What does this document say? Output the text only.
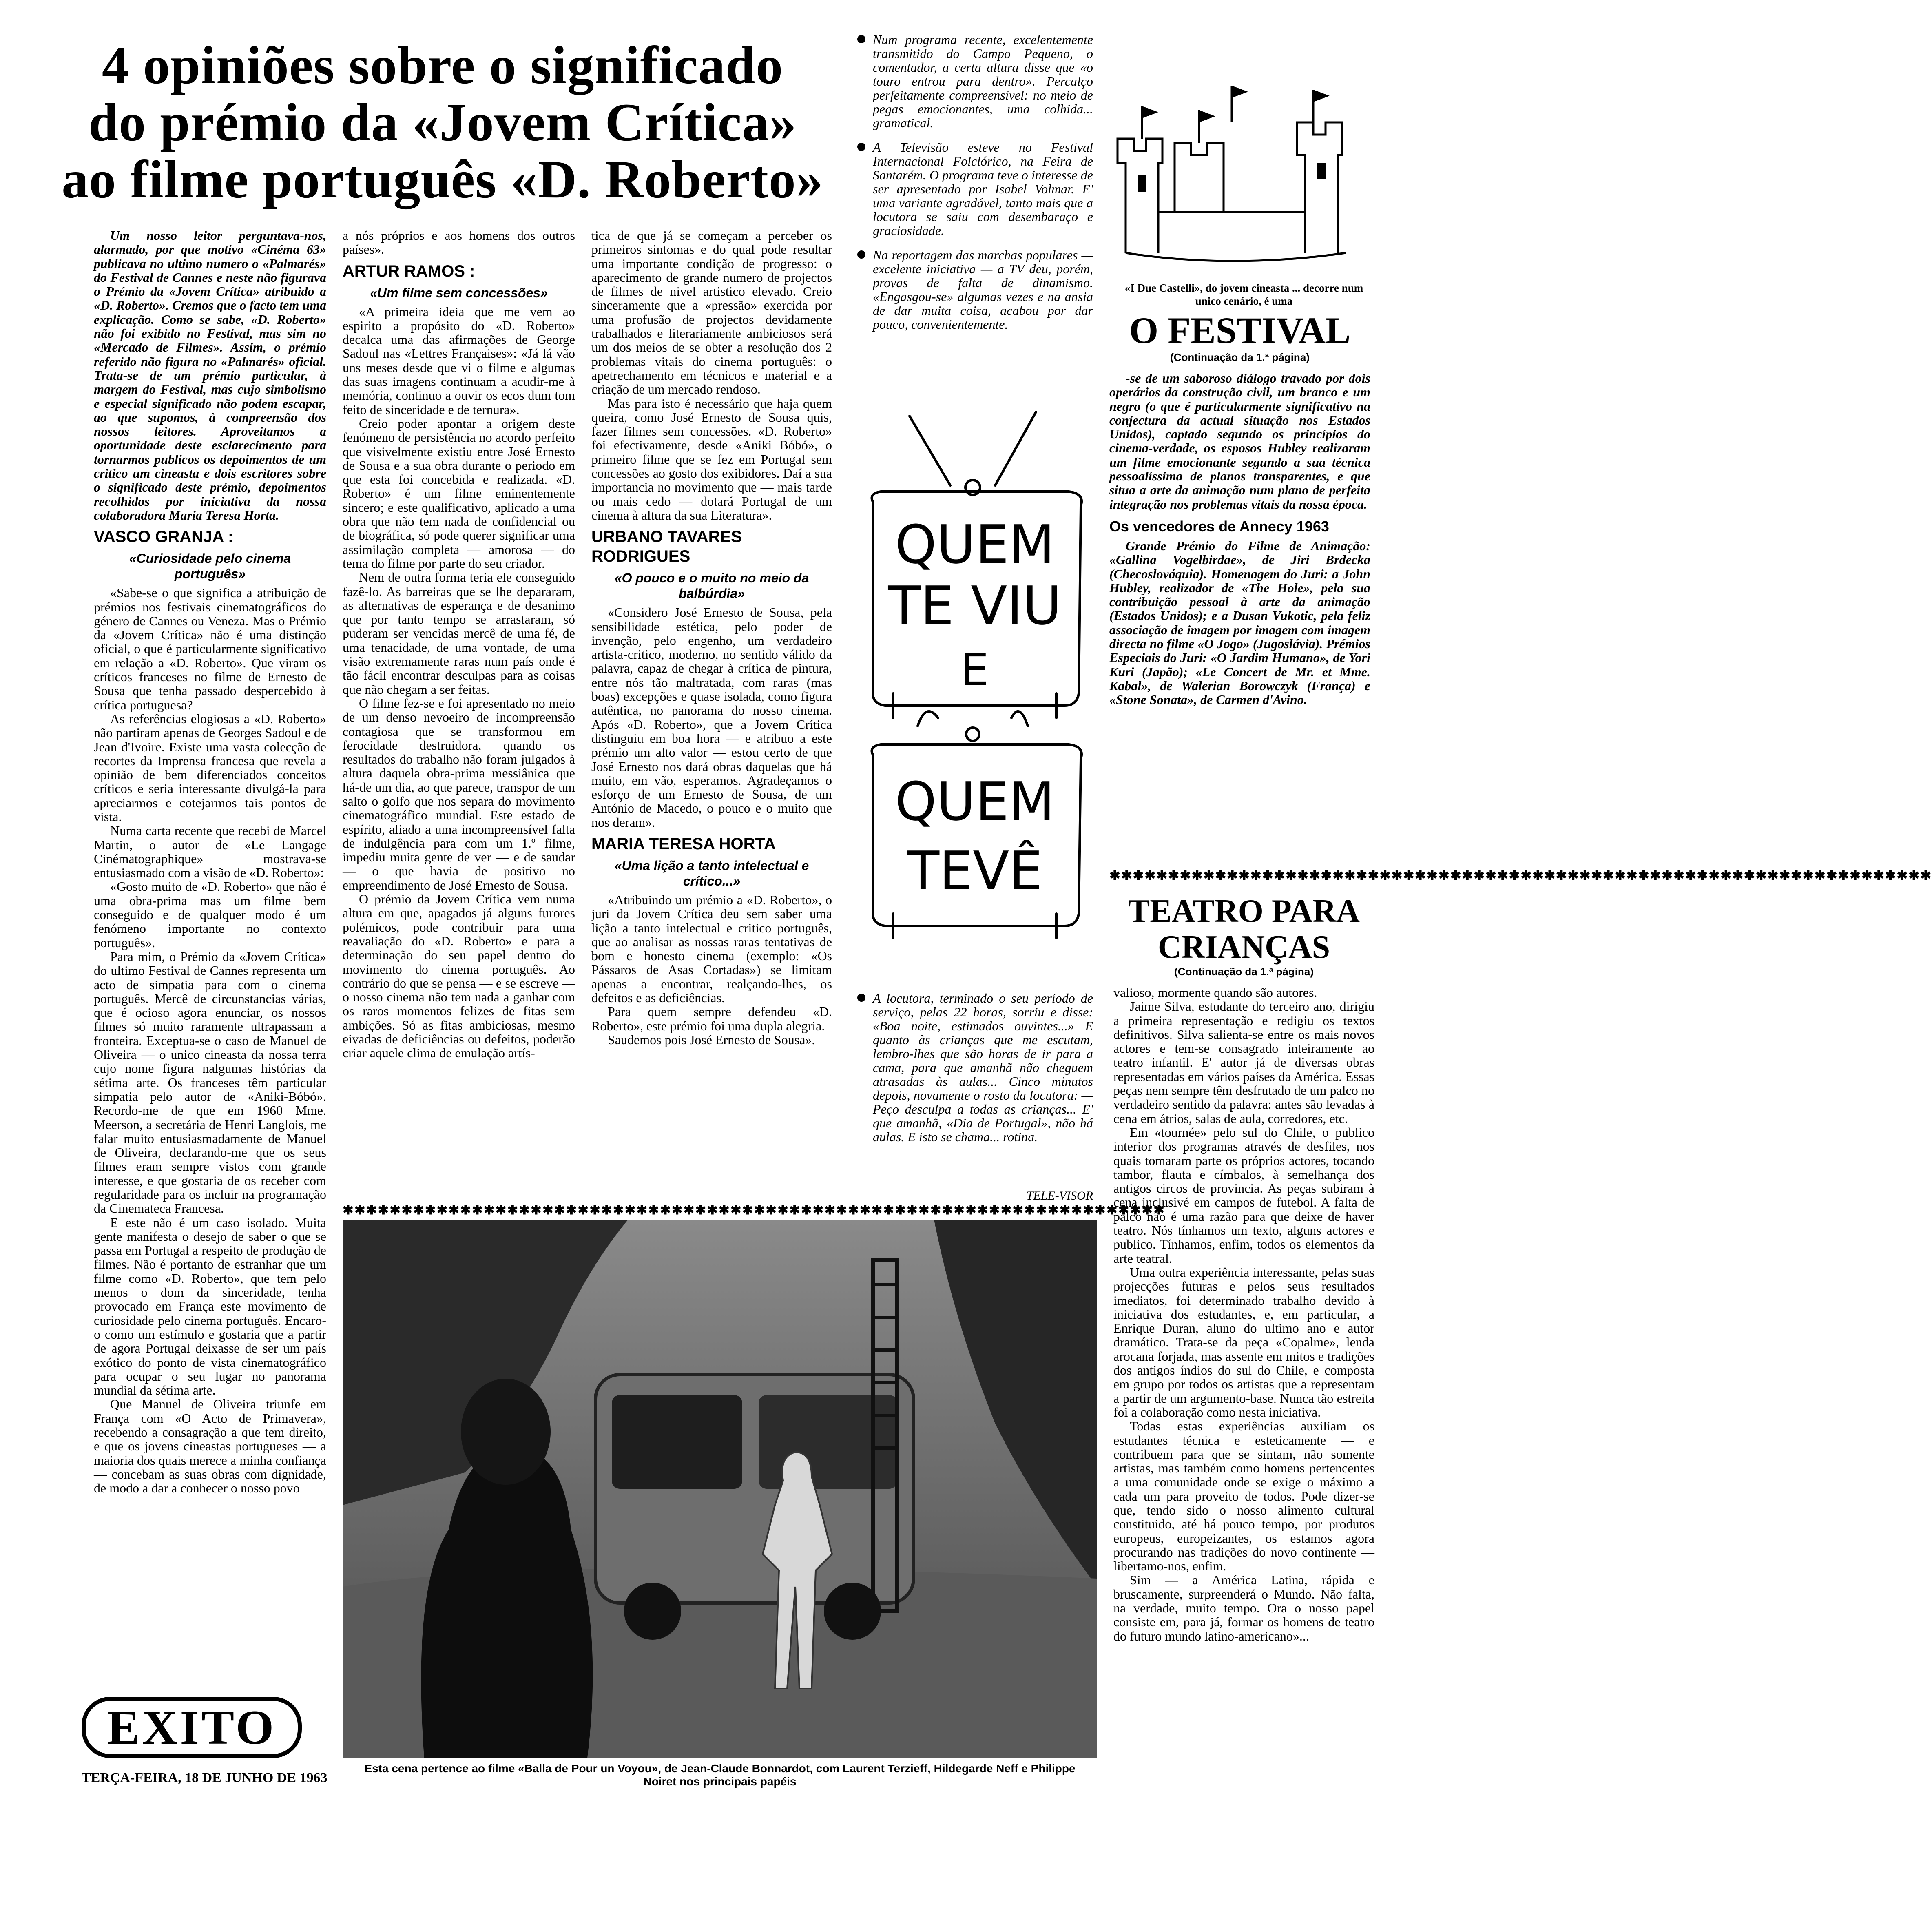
4 opiniões sobre o significado
do prémio da «Jovem Crítica»
ao filme português «D. Roberto»

Um nosso leitor perguntava-nos, alarmado, por que motivo «Cinéma 63» publicava no ultimo numero o «Palmarés» do Festival de Cannes e neste não figurava o Prémio da «Jovem Crítica» atribuido a «D. Roberto». Cremos que o facto tem uma explicação. Como se sabe, «D. Roberto» não foi exibido no Festival, mas sim no «Mercado de Filmes». Assim, o prémio referido não figura no «Palmarés» oficial. Trata-se de um prémio particular, à margem do Festival, mas cujo simbolismo e especial significado não podem escapar, ao que supomos, à compreensão dos nossos leitores. Aproveitamos a oportunidade deste esclarecimento para tornarmos publicos os depoimentos de um critico um cineasta e dois escritores sobre o significado deste prémio, depoimentos recolhidos por iniciativa da nossa colaboradora Maria Teresa Horta.

VASCO GRANJA :
«Curiosidade pelo cinema português»

«Sabe-se o que significa a atribuição de prémios nos festivais cinematográficos do género de Cannes ou Veneza. Mas o Prémio da «Jovem Crítica» não é uma distinção oficial, o que é particularmente significativo em relação a «D. Roberto». Que viram os críticos franceses no filme de Ernesto de Sousa que tenha passado despercebido à crítica portuguesa?

As referências elogiosas a «D. Roberto» não partiram apenas de Georges Sadoul e de Jean d'Ivoire. Existe uma vasta colecção de recortes da Imprensa francesa que revela a opinião de bem diferenciados conceitos críticos e seria interessante divulgá-la para apreciarmos e cotejarmos tais pontos de vista.

Numa carta recente que recebi de Marcel Martin, o autor de «Le Langage Cinématographique» mostrava-se entusiasmado com a visão de «D. Roberto»:

«Gosto muito de «D. Roberto» que não é uma obra-prima mas um filme bem conseguido e de qualquer modo é um fenómeno importante no contexto português».

Para mim, o Prémio da «Jovem Crítica» do ultimo Festival de Cannes representa um acto de simpatia para com o cinema português. Mercê de circunstancias várias, que é ocioso agora enunciar, os nossos filmes só muito raramente ultrapassam a fronteira. Exceptua-se o caso de Manuel de Oliveira — o unico cineasta da nossa terra cujo nome figura nalgumas histórias da sétima arte. Os franceses têm particular simpatia pelo autor de «Aniki-Bóbó». Recordo-me de que em 1960 Mme. Meerson, a secretária de Henri Langlois, me falar muito entusiasmadamente de Manuel de Oliveira, declarando-me que os seus filmes eram sempre vistos com grande interesse, e que gostaria de os receber com regularidade para os incluir na programação da Cinemateca Francesa.

E este não é um caso isolado. Muita gente manifesta o desejo de saber o que se passa em Portugal a respeito de produção de filmes. Não é portanto de estranhar que um filme como «D. Roberto», que tem pelo menos o dom da sinceridade, tenha provocado em França este movimento de curiosidade pelo cinema português. Encaro-o como um estímulo e gostaria que a partir de agora Portugal deixasse de ser um país exótico do ponto de vista cinematográfico para ocupar o seu lugar no panorama mundial da sétima arte.

Que Manuel de Oliveira triunfe em França com «O Acto de Primavera», recebendo a consagração a que tem direito, e que os jovens cineastas portugueses — a maioria dos quais merece a minha confiança — concebam as suas obras com dignidade, de modo a dar a conhecer o nosso povo

a nós próprios e aos homens dos outros países».

ARTUR RAMOS :
«Um filme sem concessões»

«A primeira ideia que me vem ao espirito a propósito do «D. Roberto» decalca uma das afirmações de George Sadoul nas «Lettres Françaises»: «Já lá vão uns meses desde que vi o filme e algumas das suas imagens continuam a acudir-me à memória, continuo a ouvir os ecos dum tom feito de sinceridade e de ternura».

Creio poder apontar a origem deste fenómeno de persistência no acordo perfeito que visivelmente existiu entre José Ernesto de Sousa e a sua obra durante o periodo em que esta foi concebida e realizada. «D. Roberto» é um filme eminentemente sincero; e este qualificativo, aplicado a uma obra que não tem nada de confidencial ou de biográfica, só pode querer significar uma assimilação completa — amorosa — do tema do filme por parte do seu criador.

Nem de outra forma teria ele conseguido fazê-lo. As barreiras que se lhe depararam, as alternativas de esperança e de desanimo que por tanto tempo se arrastaram, só puderam ser vencidas mercê de uma fé, de uma tenacidade, de uma vontade, de uma visão extremamente raras num país onde é tão fácil encontrar desculpas para as coisas que não chegam a ser feitas.

O filme fez-se e foi apresentado no meio de um denso nevoeiro de incompreensão contagiosa que se transformou em ferocidade destruidora, quando os resultados do trabalho não foram julgados à altura daquela obra-prima messiânica que há-de um dia, ao que parece, transpor de um salto o golfo que nos separa do movimento cinematográfico mundial. Este estado de espírito, aliado a uma incompreensível falta de indulgência para com um 1.º filme, impediu muita gente de ver — e de saudar — o que havia de positivo no empreendimento de José Ernesto de Sousa.

O prémio da Jovem Crítica vem numa altura em que, apagados já alguns furores polémicos, pode contribuir para uma reavaliação do «D. Roberto» e para a determinação do seu papel dentro do movimento do cinema português. Ao contrário do que se pensa — e se escreve — o nosso cinema não tem nada a ganhar com os raros momentos felizes de fitas sem ambições. Só as fitas ambiciosas, mesmo eivadas de deficiências ou defeitos, poderão criar aquele clima de emulação artís-

tica de que já se começam a perceber os primeiros sintomas e do qual pode resultar uma importante condição de progresso: o aparecimento de grande numero de projectos de filmes de nivel artistico elevado. Creio sinceramente que a «pressão» exercida por uma profusão de projectos devidamente trabalhados e literariamente ambiciosos será um dos meios de se obter a resolução dos 2 problemas vitais do cinema português: o apetrechamento em técnicos e material e a criação de um mercado rendoso.

Mas para isto é necessário que haja quem queira, como José Ernesto de Sousa quis, fazer filmes sem concessões. «D. Roberto» foi efectivamente, desde «Aniki Bóbó», o primeiro filme que se fez em Portugal sem concessões ao gosto dos exibidores. Daí a sua importancia no movimento que — mais tarde ou mais cedo — dotará Portugal de um cinema à altura da sua Literatura».

URBANO TAVARES RODRIGUES
«O pouco e o muito no meio da balbúrdia»

«Considero José Ernesto de Sousa, pela sensibilidade estética, pelo poder de invenção, pelo engenho, um verdadeiro artista-critico, moderno, no sentido válido da palavra, capaz de chegar à crítica de pintura, entre nós tão maltratada, com raras (mas boas) excepções e quase isolada, como figura autêntica, no panorama do nosso cinema. Após «D. Roberto», que a Jovem Crítica distinguiu em boa hora — e atribuo a este prémio um alto valor — estou certo de que José Ernesto nos dará obras daquelas que há muito, em vão, esperamos. Agradeçamos o esforço de um Ernesto de Sousa, de um António de Macedo, o pouco e o muito que nos deram».

MARIA TERESA HORTA
«Uma lição a tanto intelectual e crítico...»

«Atribuindo um prémio a «D. Roberto», o juri da Jovem Crítica deu sem saber uma lição a tanto intelectual e critico português, que ao analisar as nossas raras tentativas de bom e honesto cinema (exemplo: «Os Pássaros de Asas Cortadas») se limitam apenas a encontrar, realçando-lhes, os defeitos e as deficiências.

Para quem sempre defendeu «D. Roberto», este prémio foi uma dupla alegria.

Saudemos pois José Ernesto de Sousa».

Num programa recente, excelentemente transmitido do Campo Pequeno, o comentador, a certa altura disse que «o touro entrou para dentro». Percalço perfeitamente compreensível: no meio de pegas emocionantes, uma colhida... gramatical.

A Televisão esteve no Festival Internacional Folclórico, na Feira de Santarém. O programa teve o interesse de ser apresentado por Isabel Volmar. E' uma variante agradável, tanto mais que a locutora se saiu com desembaraço e graciosidade.

Na reportagem das marchas populares — excelente iniciativa — a TV deu, porém, provas de falta de dinamismo. «Engasgou-se» algumas vezes e na ansia de dar muita coisa, acabou por dar pouco, convenientemente.

QUEM
TE VIU
E
QUEM
TEVÊ

A locutora, terminado o seu período de serviço, pelas 22 horas, sorriu e disse: «Boa noite, estimados ouvintes...» E quanto às crianças que me escutam, lembro-lhes que são horas de ir para a cama, para que amanhã não cheguem atrasadas às aulas... Cinco minutos depois, novamente o rosto da locutora: — Peço desculpa a todas as crianças... E' que amanhã, «Dia de Portugal», não há aulas. E isto se chama... rotina.

TELE-VISOR
«I Due Castelli», do jovem cineasta ... decorre num unico cenário, é uma
O FESTIVAL
(Continuação da 1.ª página)

-se de um saboroso diálogo travado por dois operários da construção civil, um branco e um negro (o que é particularmente significativo na conjectura da actual situação nos Estados Unidos), captado segundo os princípios do cinema-verdade, os esposos Hubley realizaram um filme emocionante segundo a sua técnica pessoalíssima de planos transparentes, e que situa a arte da animação num plano de perfeita integração nos problemas vitais da nossa época.

Os vencedores de Annecy 1963

Grande Prémio do Filme de Animação: «Gallina Vogelbirdae», de Jiri Brdecka (Checoslováquia). Homenagem do Juri: a John Hubley, realizador de «The Hole», pela sua contribuição pessoal à arte da animação (Estados Unidos); e a Dusan Vukotic, pela feliz associação de imagem por imagem com imagem directa no filme «O Jogo» (Jugoslávia). Prémios Especiais do Juri: «O Jardim Humano», de Yori Kuri (Japão); «Le Concert de Mr. et Mme. Kabal», de Walerian Borowczyk (França) e «Stone Sonata», de Carmen d'Avino.

TEATRO PARA
CRIANÇAS
(Continuação da 1.ª página)

valioso, mormente quando são autores.

Jaime Silva, estudante do terceiro ano, dirigiu a primeira representação e redigiu os textos definitivos. Silva salienta-se entre os mais novos actores e tem-se consagrado inteiramente ao teatro infantil. E' autor já de diversas obras representadas em vários países da América. Essas peças nem sempre têm desfrutado de um palco no verdadeiro sentido da palavra: antes são levadas à cena em átrios, salas de aula, corredores, etc.

Em «tournée» pelo sul do Chile, o publico interior dos programas através de desfiles, nos quais tomaram parte os próprios actores, tocando tambor, flauta e címbalos, à semelhança dos antigos circos de provincia. As peças subiram à cena inclusivé em campos de futebol. A falta de palco não é uma razão para que deixe de haver teatro. Nós tínhamos um texto, alguns actores e publico. Tínhamos, enfim, todos os elementos da arte teatral.

Uma outra experiência interessante, pelas suas projecções futuras e pelos seus resultados imediatos, foi determinado trabalho devido à iniciativa dos estudantes, e, em particular, a Enrique Duran, aluno do ultimo ano e autor dramático. Trata-se da peça «Copalme», lenda arocana forjada, mas assente em mitos e tradições dos antigos índios do sul do Chile, e composta em grupo por todos os artistas que a representam a partir de um argumento-base. Nunca tão estreita foi a colaboração como nesta iniciativa.

Todas estas experiências auxiliam os estudantes técnica e esteticamente — e contribuem para que se sintam, não somente artistas, mas também como homens pertencentes a uma comunidade onde se exige o máximo a cada um para proveito de todos. Pode dizer-se que, tendo sido o nosso alimento cultural constituido, até há pouco tempo, por produtos europeus, europeizantes, os estamos agora procurando nas tradições do novo continente — libertamo-nos, enfim.

Sim — a América Latina, rápida e bruscamente, surpreenderá o Mundo. Não falta, na verdade, muito tempo. Ora o nosso papel consiste em, para já, formar os homens de teatro do futuro mundo latino-americano»...

✱✱✱✱✱✱✱✱✱✱✱✱✱✱✱✱✱✱✱✱✱✱✱✱✱✱✱✱✱✱✱✱✱✱✱✱✱✱✱✱✱✱✱✱✱✱✱✱✱✱✱✱✱✱✱✱✱✱✱✱✱✱✱✱✱✱✱✱✱✱
✱✱✱✱✱✱✱✱✱✱✱✱✱✱✱✱✱✱✱✱✱✱✱✱✱✱✱✱✱✱✱✱✱✱✱✱✱✱✱✱✱✱✱✱✱✱✱✱✱✱✱✱✱✱✱✱✱✱✱✱✱✱✱✱✱✱✱✱✱✱
Esta cena pertence ao filme «Balla de Pour un Voyou», de Jean-Claude Bonnardot, com Laurent Terzieff, Hildegarde Neff e Philippe Noiret nos principais papéis
EXITO
TERÇA-FEIRA, 18 DE JUNHO DE 1963
